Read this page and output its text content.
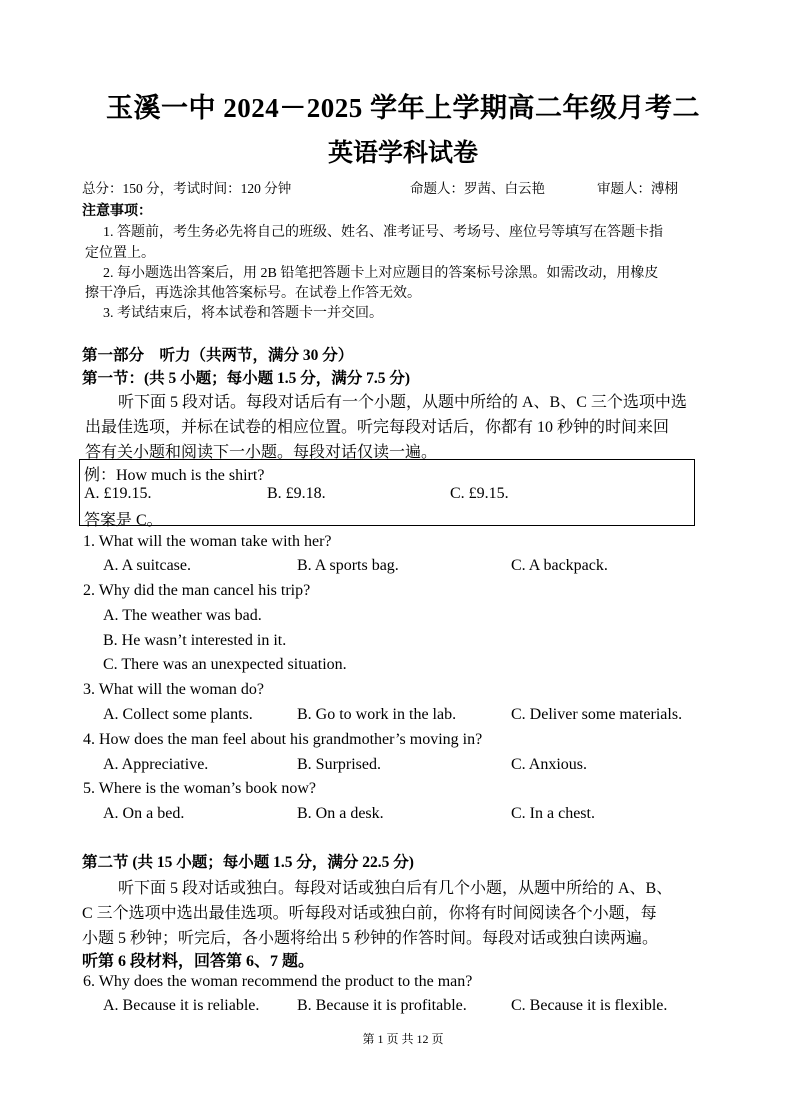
玉溪一中 2024－2025 学年上学期高二年级月考二
英语学科试卷
总分：150 分，考试时间：120 分钟	命题人：罗茜、白云艳	审题人：溥栩
注意事项：
1. 答题前，考生务必先将自己的班级、姓名、准考证号、考场号、座位号等填写在答题卡指
定位置上。
2. 每小题选出答案后，用 2B 铅笔把答题卡上对应题目的答案标号涂黑。如需改动，用橡皮
擦干净后，再选涂其他答案标号。在试卷上作答无效。
3. 考试结束后，将本试卷和答题卡一并交回。
第一部分　听力（共两节，满分 30 分）
第一节：(共 5 小题；每小题 1.5 分，满分 7.5 分)
听下面 5 段对话。每段对话后有一个小题，从题中所给的 A、B、C 三个选项中选
出最佳选项，并标在试卷的相应位置。听完每段对话后，你都有 10 秒钟的时间来回
答有关小题和阅读下一小题。每段对话仅读一遍。
例：How much is the shirt?
A. £19.15.	B. £9.18.	C. £9.15.
答案是 C。
1. What will the woman take with her?
A. A suitcase.	B. A sports bag.	C. A backpack.
2. Why did the man cancel his trip?
A. The weather was bad.
B. He wasn’t interested in it.
C. There was an unexpected situation.
3. What will the woman do?
A. Collect some plants.	B. Go to work in the lab.	C. Deliver some materials.
4. How does the man feel about his grandmother’s moving in?
A. Appreciative.	B. Surprised.	C. Anxious.
5. Where is the woman’s book now?
A. On a bed.	B. On a desk.	C. In a chest.
第二节 (共 15 小题；每小题 1.5 分，满分 22.5 分)
听下面 5 段对话或独白。每段对话或独白后有几个小题，从题中所给的 A、B、
C 三个选项中选出最佳选项。听每段对话或独白前，你将有时间阅读各个小题，每
小题 5 秒钟；听完后，各小题将给出 5 秒钟的作答时间。每段对话或独白读两遍。
听第 6 段材料，回答第 6、7 题。
6. Why does the woman recommend the product to the man?
A. Because it is reliable. B. Because it is profitable.	C. Because it is flexible.
第 1 页 共 12 页
